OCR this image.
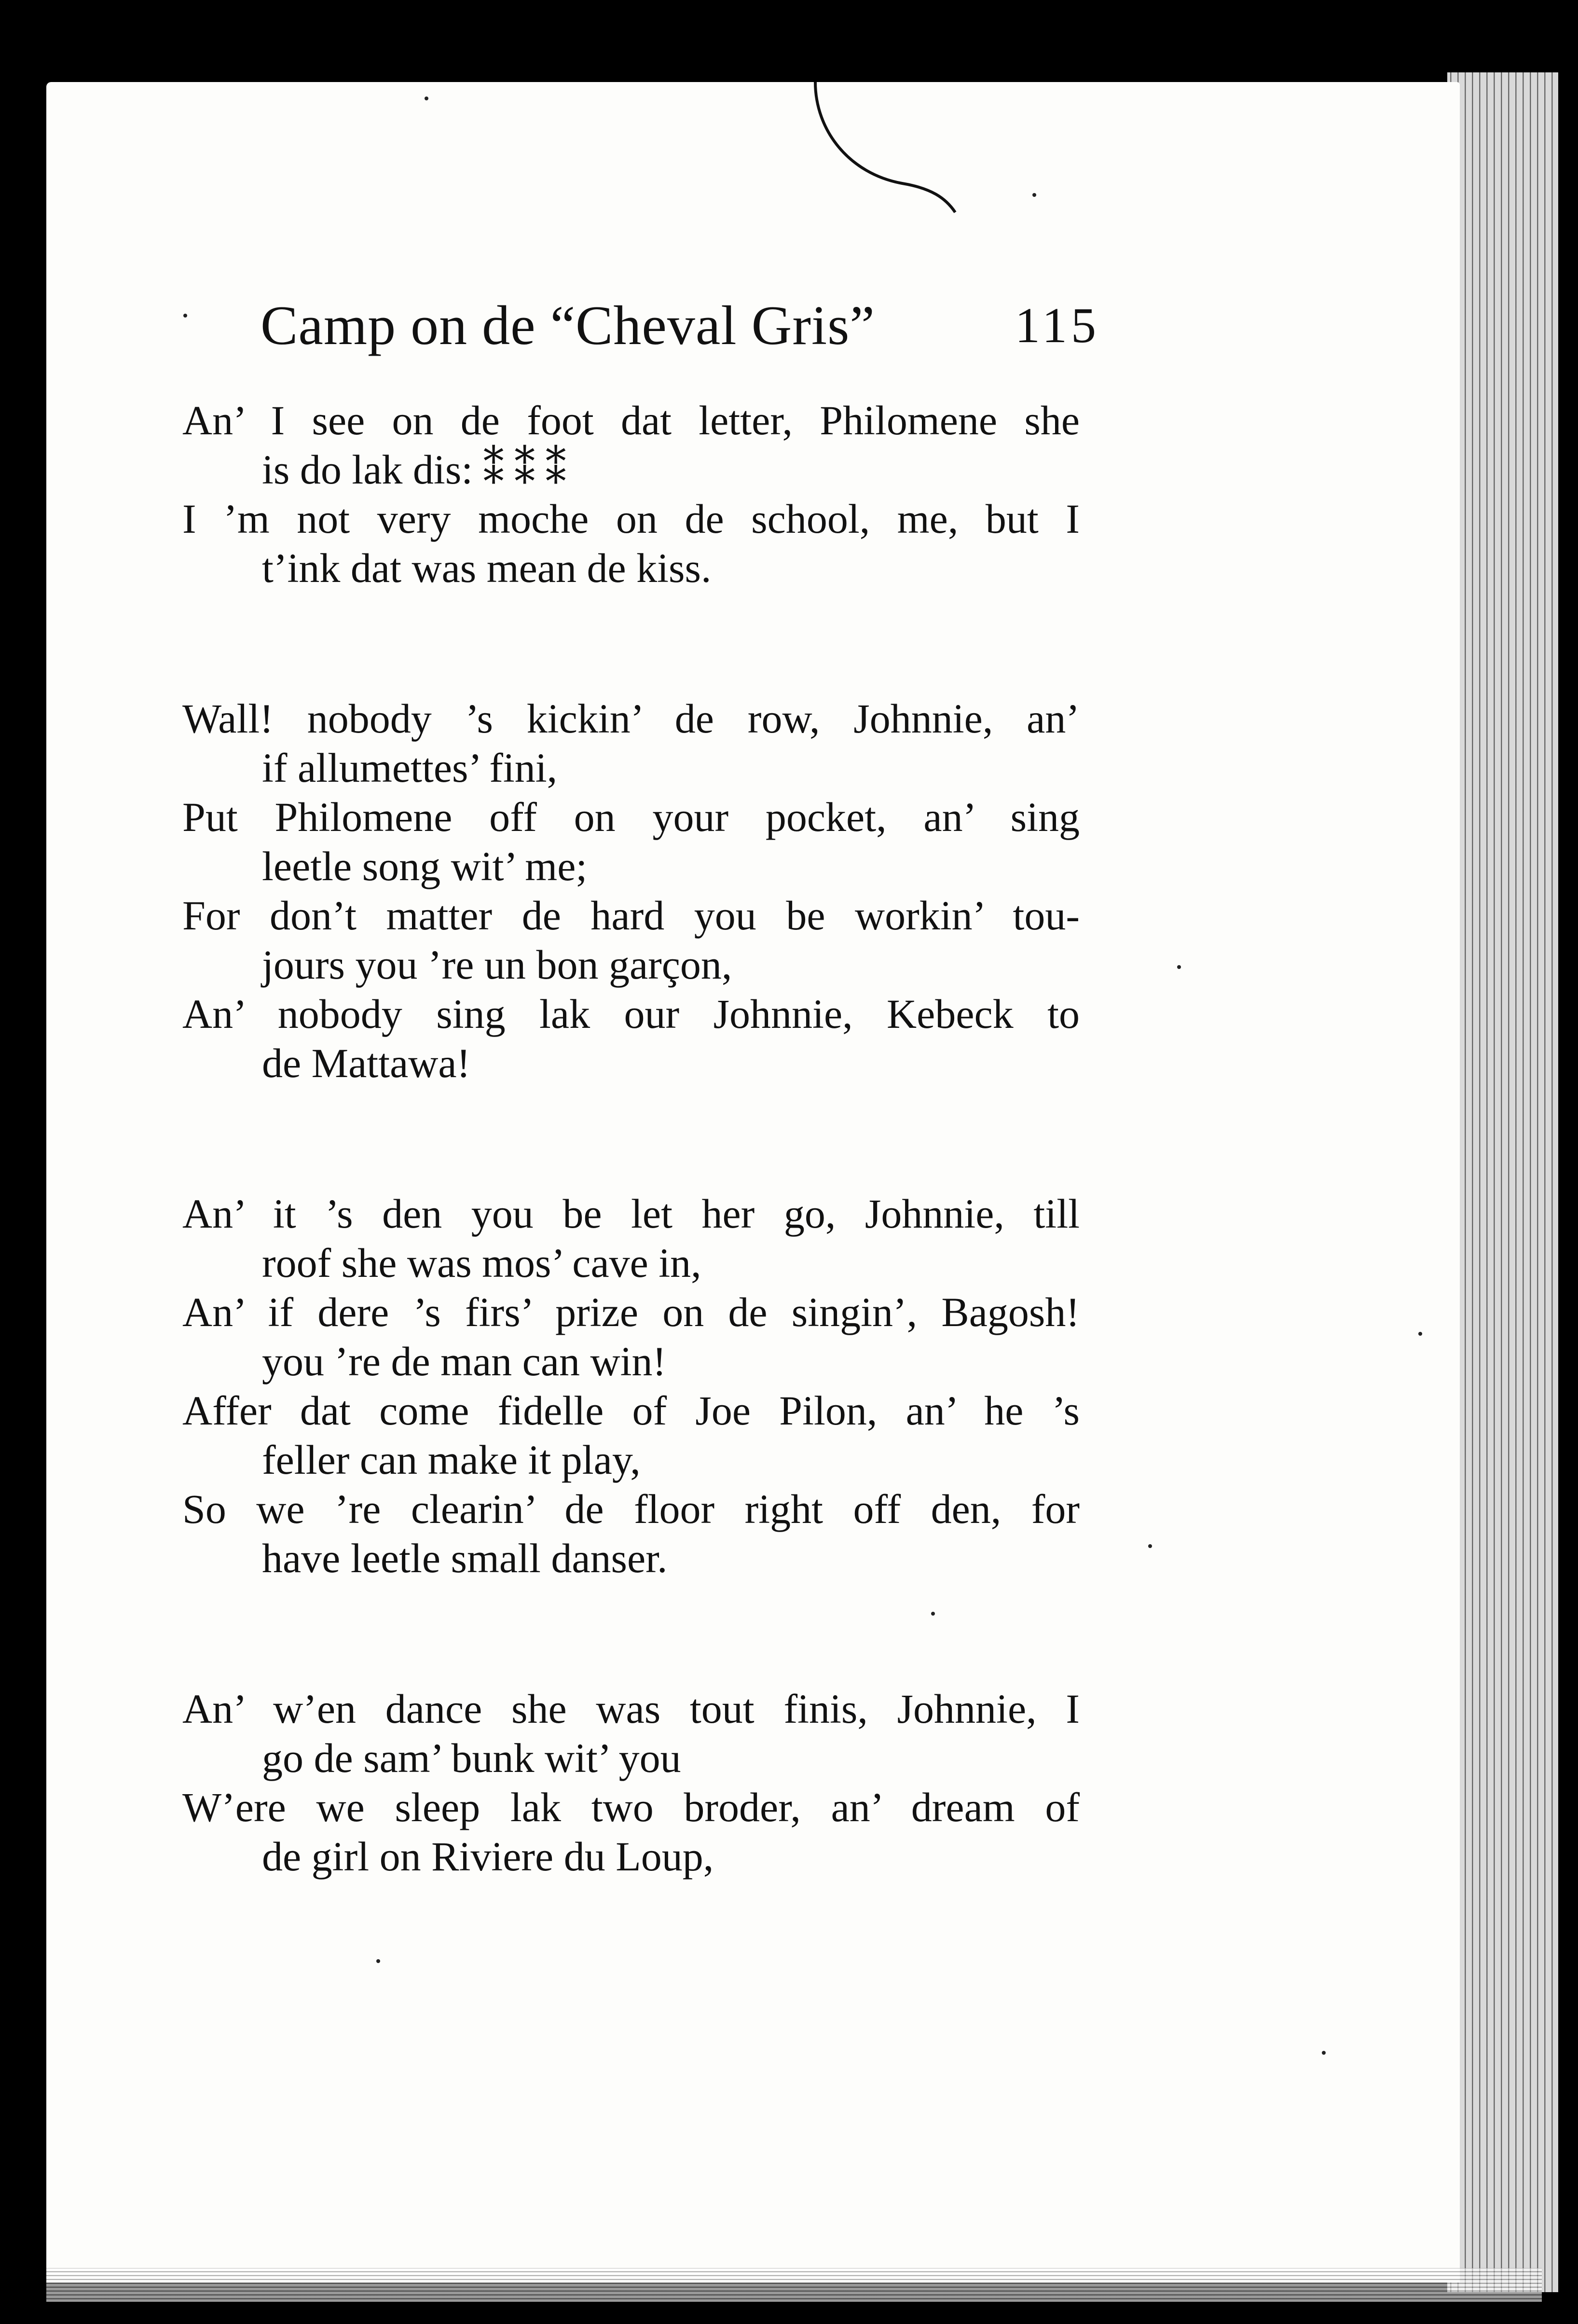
Camp on de “Cheval Gris”	115
An’ I see on de foot dat letter, Philomene she
is do lak dis: ⁑ ⁑ ⁑
I ’m not very moche on de school, me, but I
t’ink dat was mean de kiss.
Wall! nobody ’s kickin’ de row, Johnnie, an’
if allumettes’ fini,
Put Philomene off on your pocket, an’ sing
leetle song wit’ me;
For don’t matter de hard you be workin’ tou-
jours you ’re un bon garçon,
An’ nobody sing lak our Johnnie, Kebeck to
de Mattawa!
An’ it ’s den you be let her go, Johnnie, till
roof she was mos’ cave in,
An’ if dere ’s firs’ prize on de singin’, Bagosh!
you ’re de man can win!
Affer dat come fidelle of Joe Pilon, an’ he ’s
feller can make it play,
So we ’re clearin’ de floor right off den, for
have leetle small danser.
An’ w’en dance she was tout finis, Johnnie, I
go de sam’ bunk wit’ you
W’ere we sleep lak two broder, an’ dream of
de girl on Riviere du Loup,
